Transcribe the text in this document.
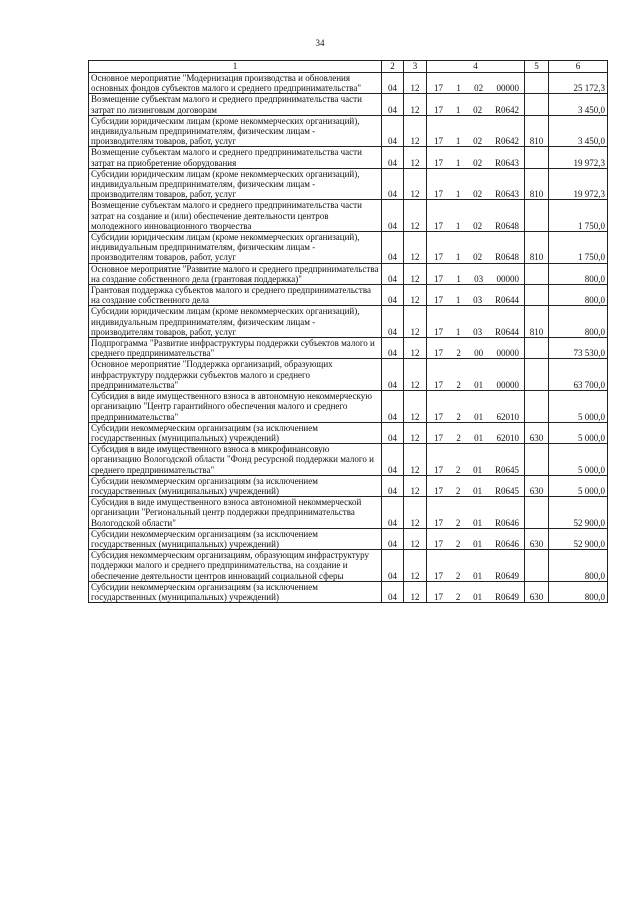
34
1	2	3	4	5	6
Основное мероприятие "Модернизация производства и обновления основных фондов субъектов малого и среднего предпринимательства"	04	12	17 1 02 00000		25 172,3
Возмещение субъектам малого и среднего предпринимательства части затрат по лизинговым договорам	04	12	17 1 02 R0642		3 450,0
Субсидии юридическим лицам (кроме некоммерческих организаций), индивидуальным предпринимателям, физическим лицам - производителям товаров, работ, услуг	04	12	17 1 02 R0642	810	3 450,0
Возмещение субъектам малого и среднего предпринимательства части затрат на приобретение оборудования	04	12	17 1 02 R0643		19 972,3
Субсидии юридическим лицам (кроме некоммерческих организаций), индивидуальным предпринимателям, физическим лицам - производителям товаров, работ, услуг	04	12	17 1 02 R0643	810	19 972,3
Возмещение субъектам малого и среднего предпринимательства части затрат на создание и (или) обеспечение деятельности центров молодежного инновационного творчества	04	12	17 1 02 R0648		1 750,0
Субсидии юридическим лицам (кроме некоммерческих организаций), индивидуальным предпринимателям, физическим лицам - производителям товаров, работ, услуг	04	12	17 1 02 R0648	810	1 750,0
Основное мероприятие "Развитие малого и среднего предпринимательства на создание собственного дела (грантовая поддержка)"	04	12	17 1 03 00000		800,0
Грантовая поддержка субъектов малого и среднего предпринимательства на создание собственного дела	04	12	17 1 03 R0644		800,0
Субсидии юридическим лицам (кроме некоммерческих организаций), индивидуальным предпринимателям, физическим лицам - производителям товаров, работ, услуг	04	12	17 1 03 R0644	810	800,0
Подпрограмма "Развитие инфраструктуры поддержки субъектов малого и среднего предпринимательства"	04	12	17 2 00 00000		73 530,0
Основное мероприятие "Поддержка организаций, образующих инфраструктуру поддержки субъектов малого и среднего предпринимательства"	04	12	17 2 01 00000		63 700,0
Субсидия в виде имущественного взноса в автономную некоммерческую организацию "Центр гарантийного обеспечения малого и среднего предпринимательства"	04	12	17 2 01 62010		5 000,0
Субсидии некоммерческим организациям (за исключением государственных (муниципальных) учреждений)	04	12	17 2 01 62010	630	5 000,0
Субсидия в виде имущественного взноса в микрофинансовую организацию Вологодской области "Фонд ресурсной поддержки малого и среднего предпринимательства"	04	12	17 2 01 R0645		5 000,0
Субсидии некоммерческим организациям (за исключением государственных (муниципальных) учреждений)	04	12	17 2 01 R0645	630	5 000,0
Субсидия в виде имущественного взноса автономной некоммерческой организации "Региональный центр поддержки предпринимательства Вологодской области"	04	12	17 2 01 R0646		52 900,0
Субсидии некоммерческим организациям (за исключением государственных (муниципальных) учреждений)	04	12	17 2 01 R0646	630	52 900,0
Субсидия некоммерческим организациям, образующим инфраструктуру поддержки малого и среднего предпринимательства, на создание и обеспечение деятельности центров инноваций социальной сферы	04	12	17 2 01 R0649		800,0
Субсидии некоммерческим организациям (за исключением государственных (муниципальных) учреждений)	04	12	17 2 01 R0649	630	800,0
